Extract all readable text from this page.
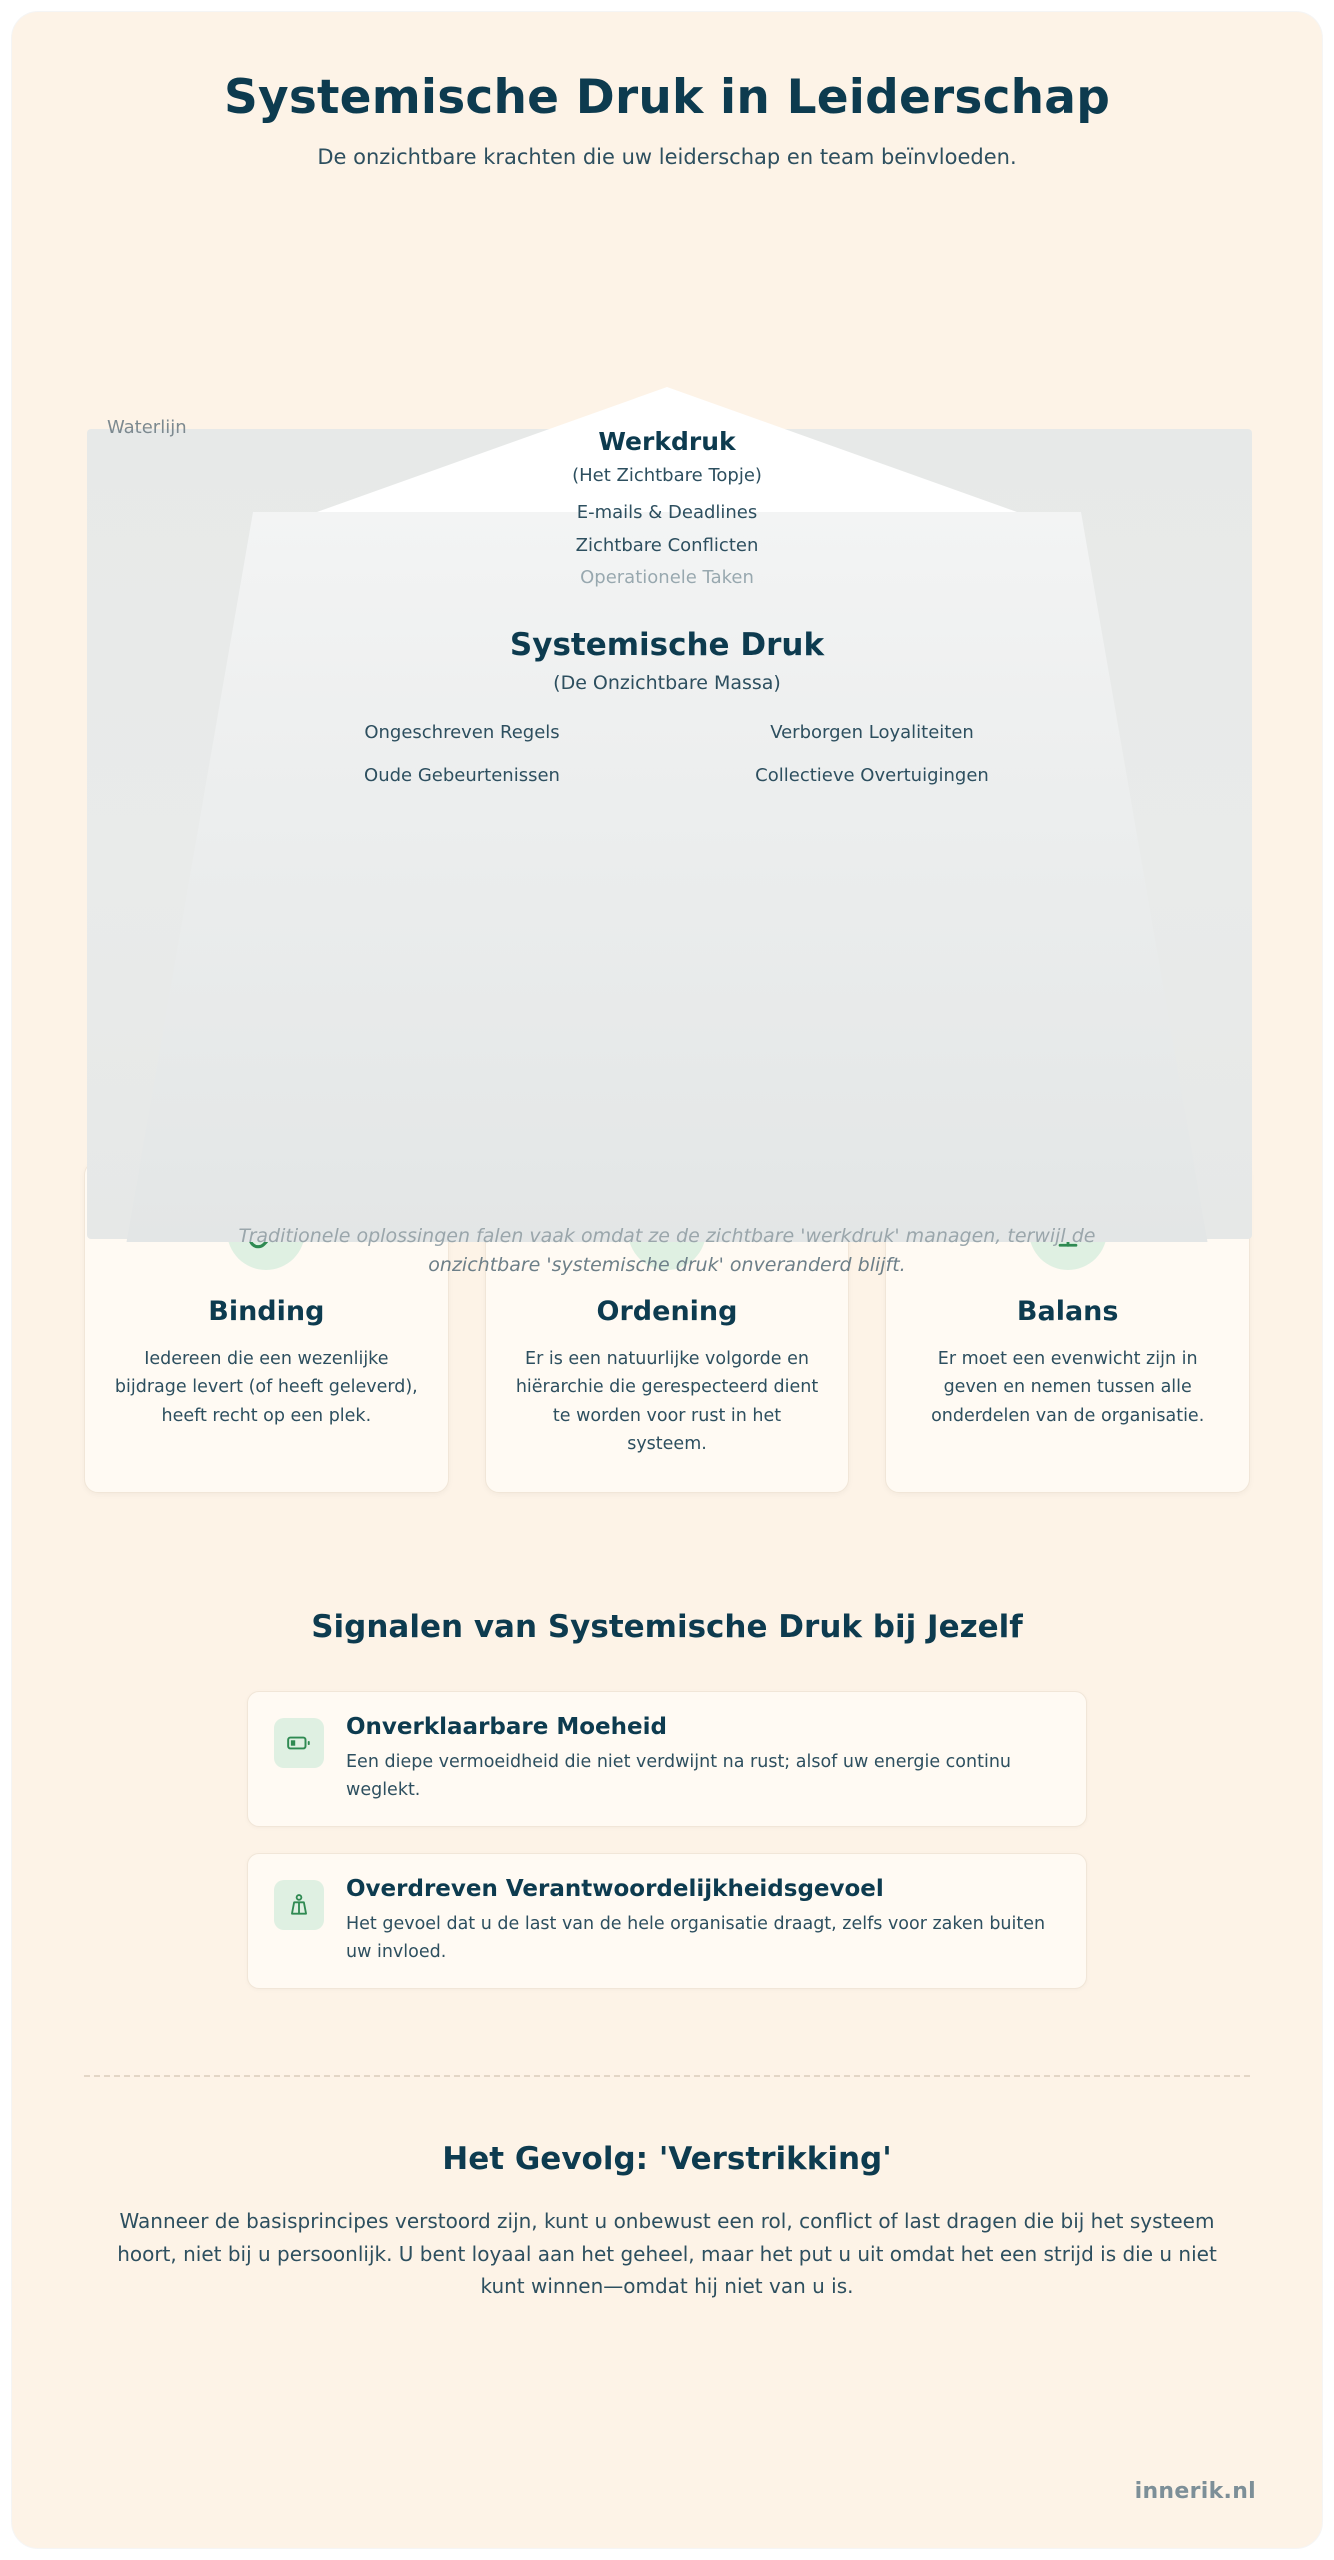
Systemische Druk in Leiderschap
De onzichtbare krachten die uw leiderschap en team beïnvloeden.
Waterlijn	Werkdruk
(Het Zichtbare Topje)
E-mails & Deadlines
Zichtbare Conflicten
Operationele Taken
Systemische Druk
(De Onzichtbare Massa)
Ongeschreven Regels	Verborgen Loyaliteiten
Oude Gebeurtenissen	Collectieve Overtuigingen
Traditionele oplossingen falen vaak omdat ze de zichtbare 'werkdruk' managen, terwijl de onzichtbare 'systemische druk' onveranderd blijft.
Binding
Iedereen die een wezenlijke bijdrage levert (of heeft geleverd), heeft recht op een plek.
Ordening
Er is een natuurlijke volgorde en hiërarchie die gerespecteerd dient te worden voor rust in het systeem.
Balans
Er moet een evenwicht zijn in geven en nemen tussen alle onderdelen van de organisatie.
Signalen van Systemische Druk bij Jezelf
Onverklaarbare Moeheid
Een diepe vermoeidheid die niet verdwijnt na rust; alsof uw energie continu weglekt.
Overdreven Verantwoordelijkheidsgevoel
Het gevoel dat u de last van de hele organisatie draagt, zelfs voor zaken buiten uw invloed.
Het Gevolg: 'Verstrikking'
Wanneer de basisprincipes verstoord zijn, kunt u onbewust een rol, conflict of last dragen die bij het systeem hoort, niet bij u persoonlijk. U bent loyaal aan het geheel, maar het put u uit omdat het een strijd is die u niet kunt winnen—omdat hij niet van u is.
innerik.nl
